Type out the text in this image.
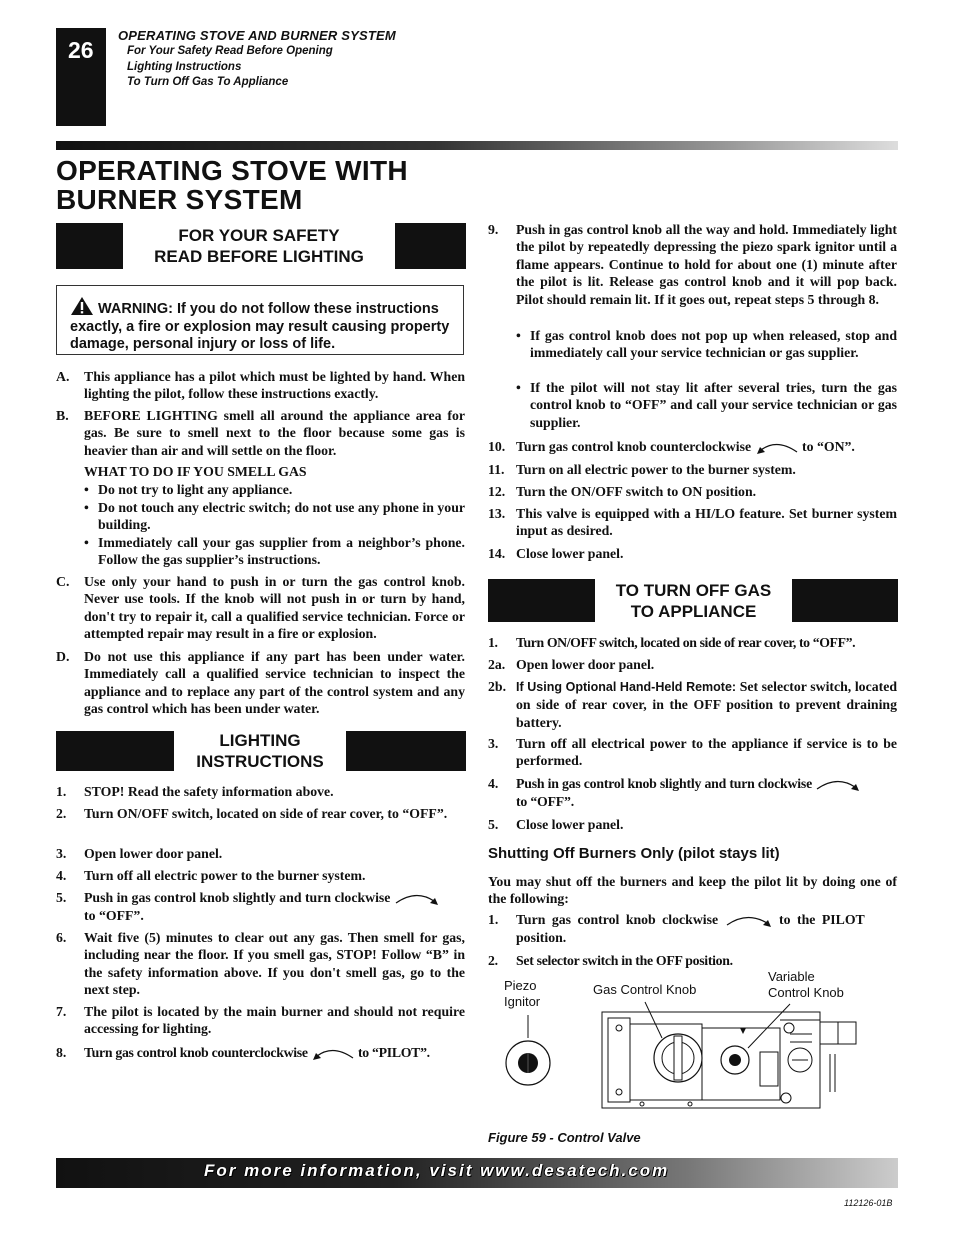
26
OPERATING STOVE AND BURNER SYSTEM
For Your Safety Read Before Opening
Lighting Instructions
To Turn Off Gas To Appliance
OPERATING STOVE WITH
BURNER SYSTEM
FOR YOUR SAFETY
READ BEFORE LIGHTING
WARNING: If you do not follow these instructions exactly, a fire or explosion may result causing property damage, personal injury or loss of life.
A. This appliance has a pilot which must be lighted by hand. When lighting the pilot, follow these instructions exactly.
B. BEFORE LIGHTING smell all around the appliance area for gas. Be sure to smell next to the floor because some gas is heavier than air and will settle on the floor.
WHAT TO DO IF YOU SMELL GAS
• Do not try to light any appliance.
• Do not touch any electric switch; do not use any phone in your building.
• Immediately call your gas supplier from a neighbor’s phone. Follow the gas supplier’s instructions.
C. Use only your hand to push in or turn the gas control knob. Never use tools. If the knob will not push in or turn by hand, don't try to repair it, call a qualified service technician. Force or attempted repair may result in a fire or explosion.
D. Do not use this appliance if any part has been under water. Immediately call a qualified service technician to inspect the appliance and to replace any part of the control system and any gas control which has been under water.
LIGHTING
INSTRUCTIONS
1. STOP! Read the safety information above.
2. Turn ON/OFF switch, located on side of rear cover, to “OFF”.
3. Open lower door panel.
4. Turn off all electric power to the burner system.
5. Push in gas control knob slightly and turn clockwise
to “OFF”.
6. Wait five (5) minutes to clear out any gas. Then smell for gas, including near the floor. If you smell gas, STOP! Follow “B” in the safety information above. If you don't smell gas, go to the next step.
7. The pilot is located by the main burner and should not require accessing for lighting.
8. Turn gas control knob counterclockwise	to “PILOT”.
9. Push in gas control knob all the way and hold. Immediately light the pilot by repeatedly depressing the piezo spark ignitor until a flame appears. Continue to hold for about one (1) minute after the pilot is lit. Release gas control knob and it will pop back. Pilot should remain lit. If it goes out, repeat steps 5 through 8.
• If gas control knob does not pop up when released, stop and immediately call your service technician or gas supplier.
• If the pilot will not stay lit after several tries, turn the gas control knob to “OFF” and call your service technician or gas supplier.
10. Turn gas control knob counterclockwise	to “ON”.
11. Turn on all electric power to the burner system.
12. Turn the ON/OFF switch to ON position.
13. This valve is equipped with a HI/LO feature. Set burner system input as desired.
14. Close lower panel.
TO TURN OFF GAS
TO APPLIANCE
1. Turn ON/OFF switch, located on side of rear cover, to “OFF”.
2a. Open lower door panel.
2b. If Using Optional Hand-Held Remote: Set selector switch, located on side of rear cover, in the OFF position to prevent draining battery.
3. Turn off all electrical power to the appliance if service is to be performed.
4. Push in gas control knob slightly and turn clockwise
to “OFF”.
5. Close lower panel.
Shutting Off Burners Only (pilot stays lit)
You may shut off the burners and keep the pilot lit by doing one of the following:
1. Turn gas control knob clockwise	to the PILOT position.
2. Set selector switch in the OFF position.
Piezo
Ignitor
Gas Control Knob
Variable
Control Knob
Figure 59 - Control Valve
For more information, visit www.desatech.com
112126-01B
